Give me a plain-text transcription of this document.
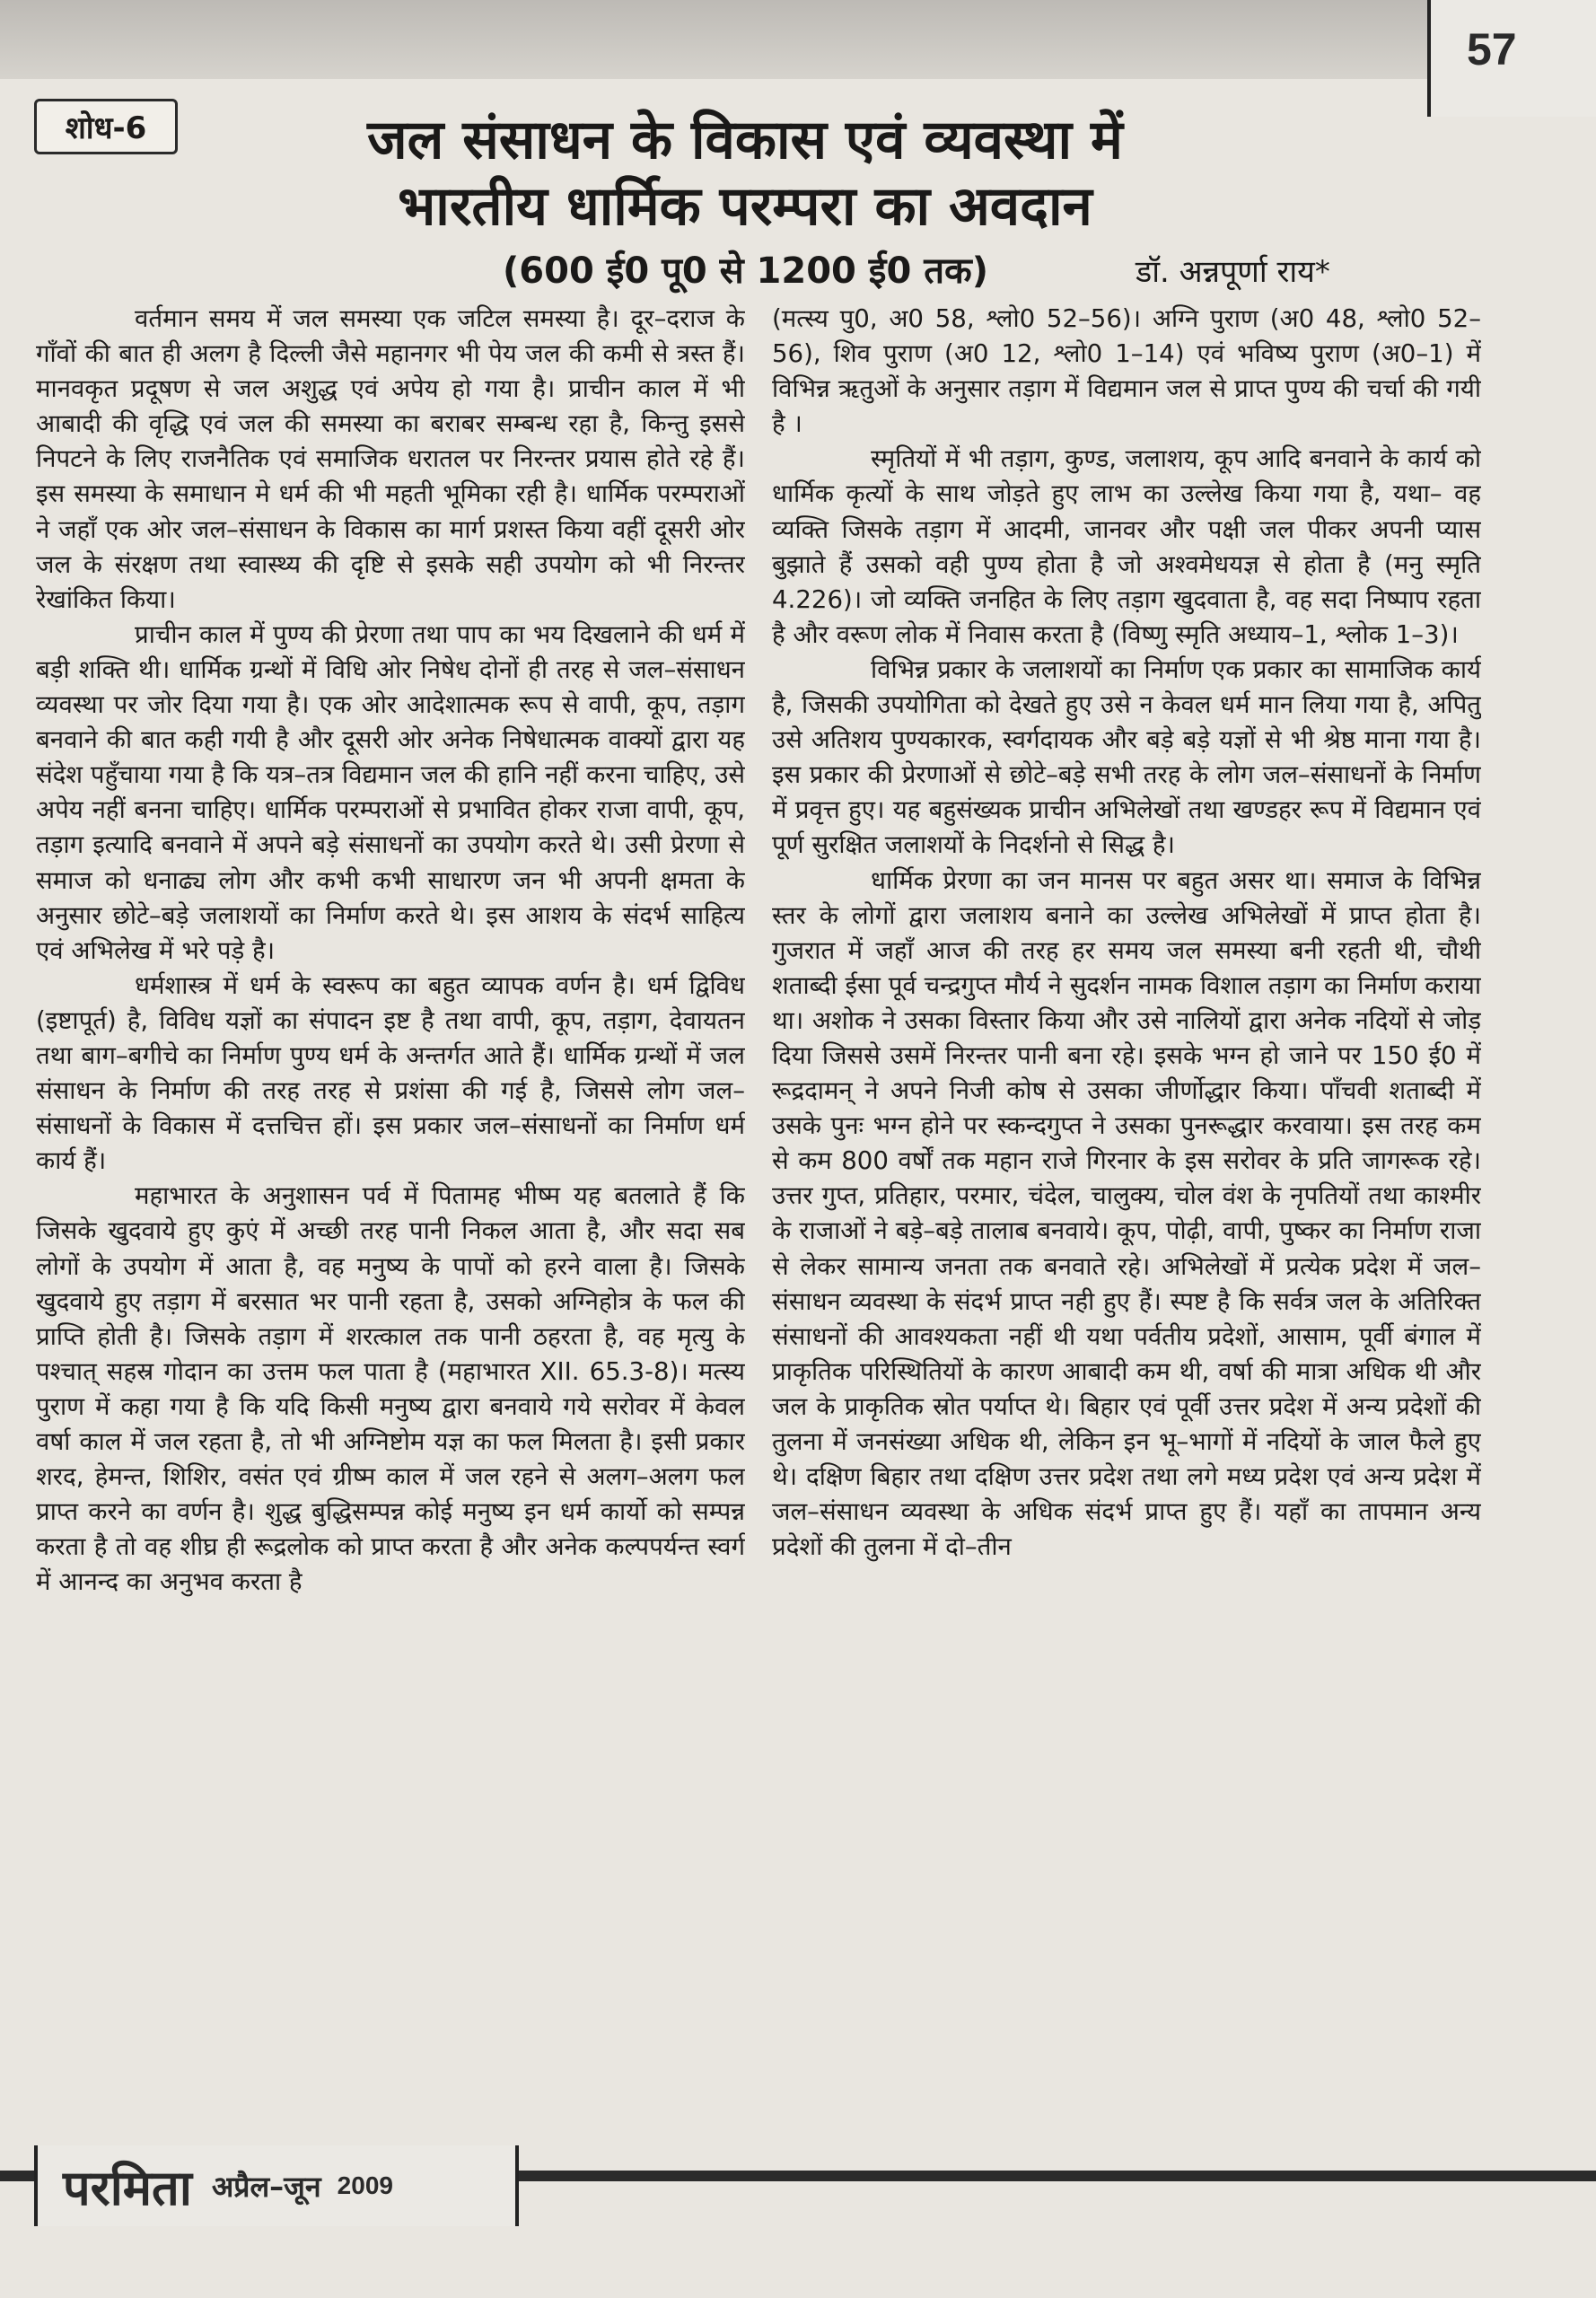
57
शोध-6	जल संसाधन के विकास एवं व्यवस्था में
भारतीय धार्मिक परम्परा का अवदान
(600 ई0 पू0 से 1200 ई0 तक)	डॉ. अन्नपूर्णा राय*

वर्तमान समय में जल समस्या एक जटिल समस्या है। दूर–दराज के गाँवों की बात ही अलग है दिल्ली जैसे महानगर भी पेय जल की कमी से त्रस्त हैं। मानवकृत प्रदूषण से जल अशुद्ध एवं अपेय हो गया है। प्राचीन काल में भी आबादी की वृद्धि एवं जल की समस्या का बराबर सम्बन्ध रहा है, किन्तु इससे निपटने के लिए राजनैतिक एवं समाजिक धरातल पर निरन्तर प्रयास होते रहे हैं। इस समस्या के समाधान मे धर्म की भी महती भूमिका रही है। धार्मिक परम्पराओं ने जहाँ एक ओर जल–संसाधन के विकास का मार्ग प्रशस्त किया वहीं दूसरी ओर जल के संरक्षण तथा स्वास्थ्य की दृष्टि से इसके सही उपयोग को भी निरन्तर रेखांकित किया।

प्राचीन काल में पुण्य की प्रेरणा तथा पाप का भय दिखलाने की धर्म में बड़ी शक्ति थी। धार्मिक ग्रन्थों में विधि ओर निषेध दोनों ही तरह से जल–संसाधन व्यवस्था पर जोर दिया गया है। एक ओर आदेशात्मक रूप से वापी, कूप, तड़ाग बनवाने की बात कही गयी है और दूसरी ओर अनेक निषेधात्मक वाक्यों द्वारा यह संदेश पहुँचाया गया है कि यत्र–तत्र विद्यमान जल की हानि नहीं करना चाहिए, उसे अपेय नहीं बनना चाहिए। धार्मिक परम्पराओं से प्रभावित होकर राजा वापी, कूप, तड़ाग इत्यादि बनवाने में अपने बड़े संसाधनों का उपयोग करते थे। उसी प्रेरणा से समाज को धनाढ्य लोग और कभी कभी साधारण जन भी अपनी क्षमता के अनुसार छोटे–बड़े जलाशयों का निर्माण करते थे। इस आशय के संदर्भ साहित्य एवं अभिलेख में भरे पड़े है।

धर्मशास्त्र में धर्म के स्वरूप का बहुत व्यापक वर्णन है। धर्म द्विविध (इष्टापूर्त) है, विविध यज्ञों का संपादन इष्ट है तथा वापी, कूप, तड़ाग, देवायतन तथा बाग–बगीचे का निर्माण पुण्य धर्म के अन्तर्गत आते हैं। धार्मिक ग्रन्थों में जल संसाधन के निर्माण की तरह तरह से प्रशंसा की गई है, जिससे लोग जल–संसाधनों के विकास में दत्तचित्त हों। इस प्रकार जल–संसाधनों का निर्माण धर्म कार्य हैं।

महाभारत के अनुशासन पर्व में पितामह भीष्म यह बतलाते हैं कि जिसके खुदवाये हुए कुएं में अच्छी तरह पानी निकल आता है, और सदा सब लोगों के उपयोग में आता है, वह मनुष्य के पापों को हरने वाला है। जिसके खुदवाये हुए तड़ाग में बरसात भर पानी रहता है, उसको अग्निहोत्र के फल की प्राप्ति होती है। जिसके तड़ाग में शरत्काल तक पानी ठहरता है, वह मृत्यु के पश्चात् सहस्र गोदान का उत्तम फल पाता है (महाभारत XII. 65.3-8)। मत्स्य पुराण में कहा गया है कि यदि किसी मनुष्य द्वारा बनवाये गये सरोवर में केवल वर्षा काल में जल रहता है, तो भी अग्निष्टोम यज्ञ का फल मिलता है। इसी प्रकार शरद, हेमन्त, शिशिर, वसंत एवं ग्रीष्म काल में जल रहने से अलग–अलग फल प्राप्त करने का वर्णन है। शुद्ध बुद्धिसम्पन्न कोई मनुष्य इन धर्म कार्यो को सम्पन्न करता है तो वह शीघ्र ही रूद्रलोक को प्राप्त करता है और अनेक कल्पपर्यन्त स्वर्ग में आनन्द का अनुभव करता है

(मत्स्य पु0, अ0 58, श्लो0 52–56)। अग्नि पुराण (अ0 48, श्लो0 52–56), शिव पुराण (अ0 12, श्लो0 1–14) एवं भविष्य पुराण (अ0–1) में विभिन्न ऋतुओं के अनुसार तड़ाग में विद्यमान जल से प्राप्त पुण्य की चर्चा की गयी है ।

स्मृतियों में भी तड़ाग, कुण्ड, जलाशय, कूप आदि बनवाने के कार्य को धार्मिक कृत्यों के साथ जोड़ते हुए लाभ का उल्लेख किया गया है, यथा– वह व्यक्ति जिसके तड़ाग में आदमी, जानवर और पक्षी जल पीकर अपनी प्यास बुझाते हैं उसको वही पुण्य होता है जो अश्वमेधयज्ञ से होता है (मनु स्मृति 4.226)। जो व्यक्ति जनहित के लिए तड़ाग खुदवाता है, वह सदा निष्पाप रहता है और वरूण लोक में निवास करता है (विष्णु स्मृति अध्याय–1, श्लोक 1–3)।

विभिन्न प्रकार के जलाशयों का निर्माण एक प्रकार का सामाजिक कार्य है, जिसकी उपयोगिता को देखते हुए उसे न केवल धर्म मान लिया गया है, अपितु उसे अतिशय पुण्यकारक, स्वर्गदायक और बड़े बड़े यज्ञों से भी श्रेष्ठ माना गया है। इस प्रकार की प्रेरणाओं से छोटे–बड़े सभी तरह के लोग जल–संसाधनों के निर्माण में प्रवृत्त हुए। यह बहुसंख्यक प्राचीन अभिलेखों तथा खण्डहर रूप में विद्यमान एवं पूर्ण सुरक्षित जलाशयों के निदर्शनो से सिद्ध है।

धार्मिक प्रेरणा का जन मानस पर बहुत असर था। समाज के विभिन्न स्तर के लोगों द्वारा जलाशय बनाने का उल्लेख अभिलेखों में प्राप्त होता है। गुजरात में जहाँ आज की तरह हर समय जल समस्या बनी रहती थी, चौथी शताब्दी ईसा पूर्व चन्द्रगुप्त मौर्य ने सुदर्शन नामक विशाल तड़ाग का निर्माण कराया था। अशोक ने उसका विस्तार किया और उसे नालियों द्वारा अनेक नदियों से जोड़ दिया जिससे उसमें निरन्तर पानी बना रहे। इसके भग्न हो जाने पर 150 ई0 में रूद्रदामन् ने अपने निजी कोष से उसका जीर्णोद्धार किया। पाँचवी शताब्दी में उसके पुनः भग्न होने पर स्कन्दगुप्त ने उसका पुनरूद्धार करवाया। इस तरह कम से कम 800 वर्षों तक महान राजे गिरनार के इस सरोवर के प्रति जागरूक रहे। उत्तर गुप्त, प्रतिहार, परमार, चंदेल, चालुक्य, चोल वंश के नृपतियों तथा काश्मीर के राजाओं ने बड़े–बड़े तालाब बनवाये। कूप, पोढ़ी, वापी, पुष्कर का निर्माण राजा से लेकर सामान्य जनता तक बनवाते रहे। अभिलेखों में प्रत्येक प्रदेश में जल–संसाधन व्यवस्था के संदर्भ प्राप्त नही हुए हैं। स्पष्ट है कि सर्वत्र जल के अतिरिक्त संसाधनों की आवश्यकता नहीं थी यथा पर्वतीय प्रदेशों, आसाम, पूर्वी बंगाल में प्राकृतिक परिस्थितियों के कारण आबादी कम थी, वर्षा की मात्रा अधिक थी और जल के प्राकृतिक स्रोत पर्याप्त थे। बिहार एवं पूर्वी उत्तर प्रदेश में अन्य प्रदेशों की तुलना में जनसंख्या अधिक थी, लेकिन इन भू–भागों में नदियों के जाल फैले हुए थे। दक्षिण बिहार तथा दक्षिण उत्तर प्रदेश तथा लगे मध्य प्रदेश एवं अन्य प्रदेश में जल–संसाधन व्यवस्था के अधिक संदर्भ प्राप्त हुए हैं। यहाँ का तापमान अन्य प्रदेशों की तुलना में दो–तीन

परमिता अप्रैल–जून 2009
